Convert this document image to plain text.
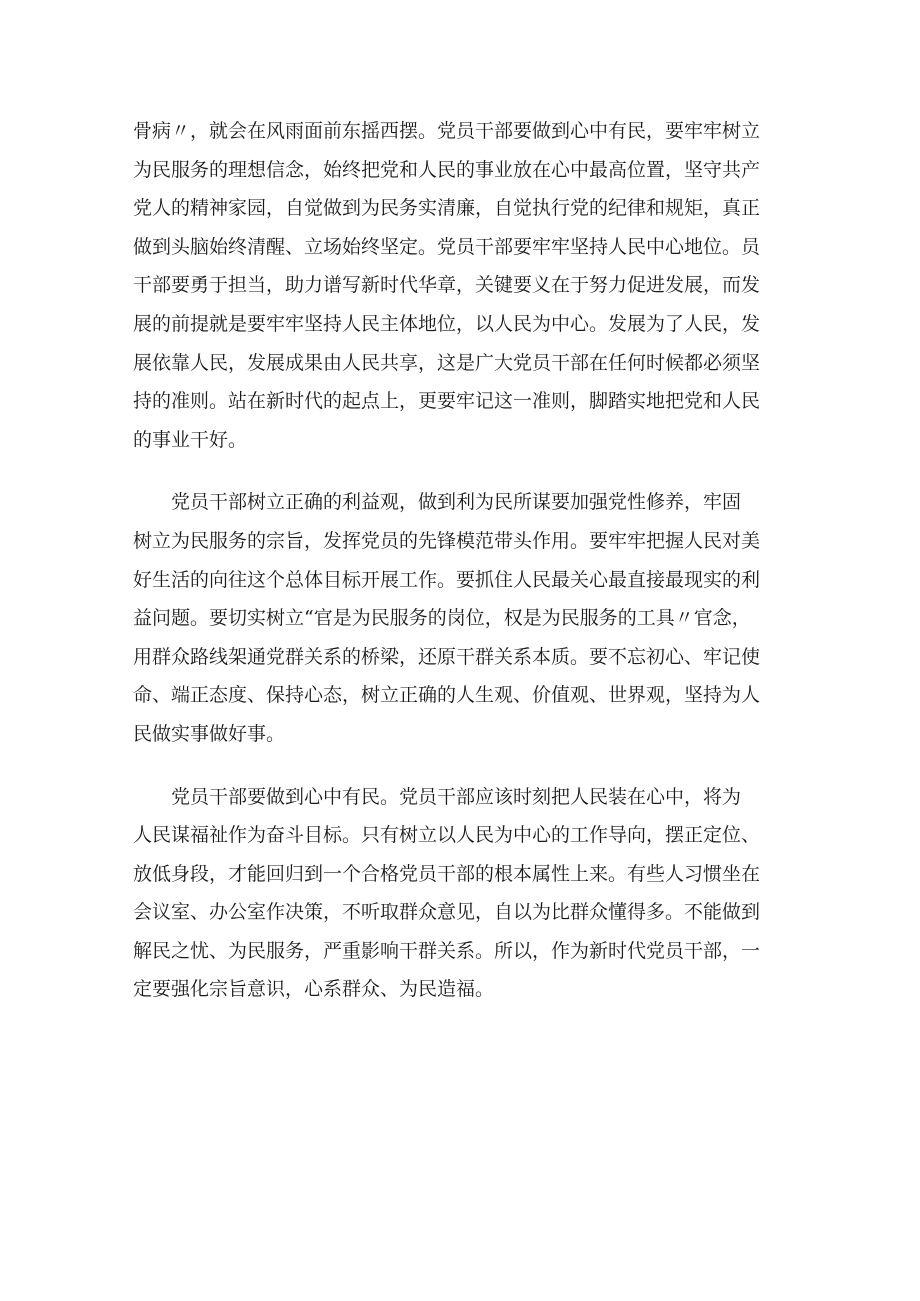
骨病〃，就会在风雨面前东摇西摆。党员干部要做到心中有民，要牢牢树立
为民服务的理想信念，始终把党和人民的事业放在心中最高位置，坚守共产
党人的精神家园，自觉做到为民务实清廉，自觉执行党的纪律和规矩，真正
做到头脑始终清醒、立场始终坚定。党员干部要牢牢坚持人民中心地位。员
干部要勇于担当，助力谱写新时代华章，关键要义在于努力促进发展，而发
展的前提就是要牢牢坚持人民主体地位，以人民为中心。发展为了人民，发
展依靠人民，发展成果由人民共享，这是广大党员干部在任何时候都必须坚
持的准则。站在新时代的起点上，更要牢记这一准则，脚踏实地把党和人民
的事业干好。

党员干部树立正确的利益观，做到利为民所谋要加强党性修养，牢固
树立为民服务的宗旨，发挥党员的先锋模范带头作用。要牢牢把握人民对美
好生活的向往这个总体目标开展工作。要抓住人民最关心最直接最现实的利
益问题。要切实树立“官是为民服务的岗位，权是为民服务的工具〃官念，
用群众路线架通党群关系的桥梁，还原干群关系本质。要不忘初心、牢记使
命、端正态度、保持心态，树立正确的人生观、价值观、世界观，坚持为人
民做实事做好事。

党员干部要做到心中有民。党员干部应该时刻把人民装在心中，将为
人民谋福祉作为奋斗目标。只有树立以人民为中心的工作导向，摆正定位、
放低身段，才能回归到一个合格党员干部的根本属性上来。有些人习惯坐在
会议室、办公室作决策，不听取群众意见，自以为比群众懂得多。不能做到
解民之忧、为民服务，严重影响干群关系。所以，作为新时代党员干部，一
定要强化宗旨意识，心系群众、为民造福。
